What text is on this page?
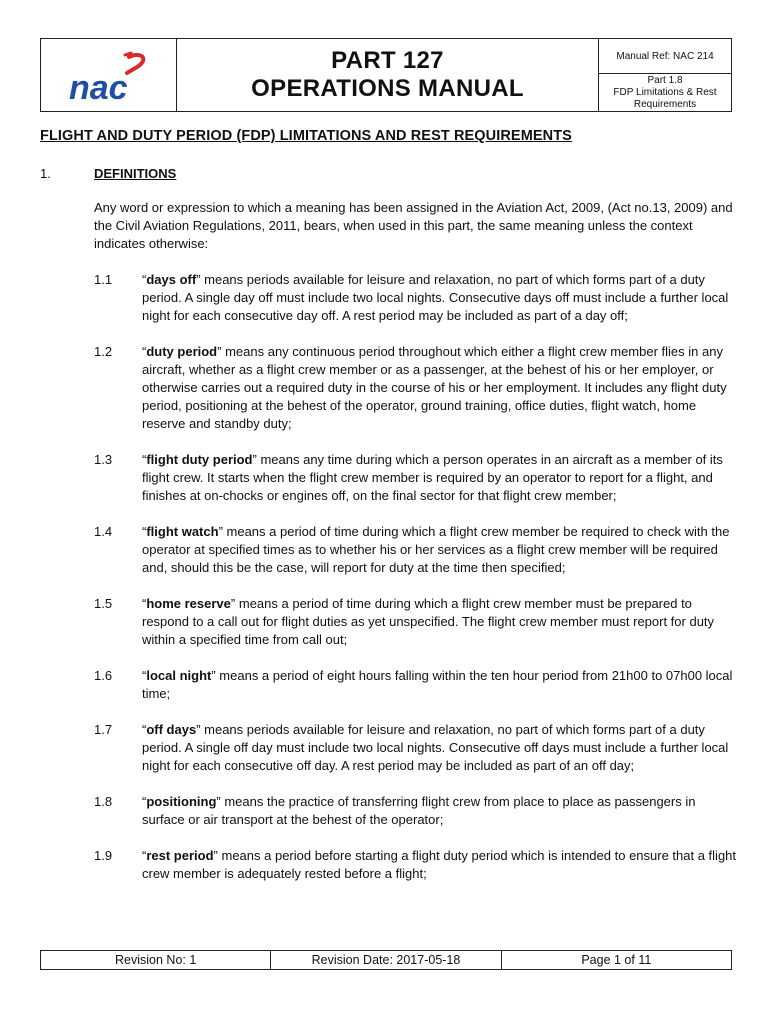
nac
PART 127
OPERATIONS MANUAL
Manual Ref: NAC 214
Part 1.8
FDP Limitations & Rest
Requirements
FLIGHT AND DUTY PERIOD (FDP) LIMITATIONS AND REST REQUIREMENTS
1.	DEFINITIONS
Any word or expression to which a meaning has been assigned in the Aviation Act, 2009, (Act no.13, 2009) and the Civil Aviation Regulations, 2011, bears, when used in this part, the same meaning unless the context indicates otherwise:
1.1	“days off” means periods available for leisure and relaxation, no part of which forms part of a duty period. A single day off must include two local nights. Consecutive days off must include a further local night for each consecutive day off. A rest period may be included as part of a day off;
1.2	“duty period” means any continuous period throughout which either a flight crew member flies in any aircraft, whether as a flight crew member or as a passenger, at the behest of his or her employer, or otherwise carries out a required duty in the course of his or her employment. It includes any flight duty period, positioning at the behest of the operator, ground training, office duties, flight watch, home reserve and standby duty;
1.3	“flight duty period” means any time during which a person operates in an aircraft as a member of its flight crew. It starts when the flight crew member is required by an operator to report for a flight, and finishes at on-chocks or engines off, on the final sector for that flight crew member;
1.4	“flight watch” means a period of time during which a flight crew member be required to check with the operator at specified times as to whether his or her services as a flight crew member will be required and, should this be the case, will report for duty at the time then specified;
1.5	“home reserve” means a period of time during which a flight crew member must be prepared to respond to a call out for flight duties as yet unspecified. The flight crew member must report for duty within a specified time from call out;
1.6	“local night” means a period of eight hours falling within the ten hour period from 21h00 to 07h00 local time;
1.7	“off days” means periods available for leisure and relaxation, no part of which forms part of a duty period. A single off day must include two local nights. Consecutive off days must include a further local night for each consecutive off day. A rest period may be included as part of an off day;
1.8	“positioning” means the practice of transferring flight crew from place to place as passengers in surface or air transport at the behest of the operator;
1.9	“rest period” means a period before starting a flight duty period which is intended to ensure that a flight crew member is adequately rested before a flight;
Revision No: 1	Revision Date: 2017-05-18	Page 1 of 11
